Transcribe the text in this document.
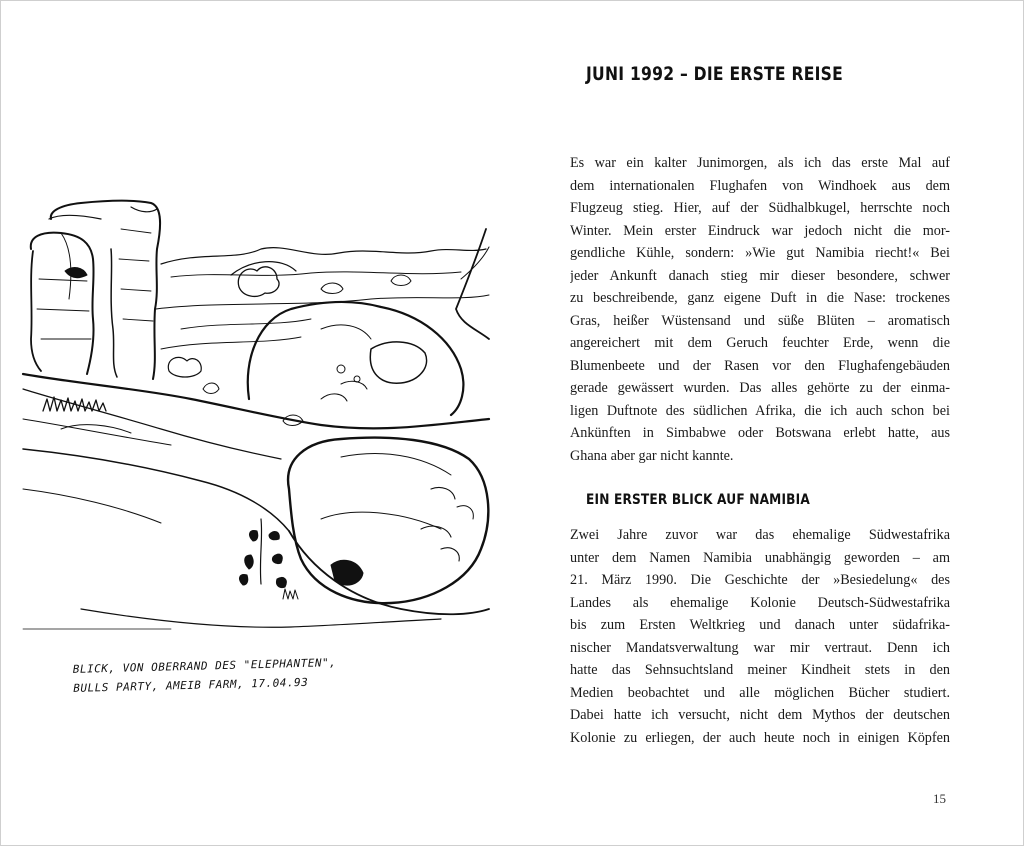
BLICK, VON OBERRAND DES "ELEPHANTEN",
BULLS PARTY, AMEIB FARM, 17.04.93
JUNI 1992 – DIE ERSTE REISE

Es war ein kalter Junimorgen, als ich das erste Mal auf
dem internationalen Flughafen von Windhoek aus dem
Flugzeug stieg. Hier, auf der Südhalbkugel, herrschte noch
Winter. Mein erster Eindruck war jedoch nicht die mor-
gendliche Kühle, sondern: »Wie gut Namibia riecht!« Bei
jeder Ankunft danach stieg mir dieser besondere, schwer
zu beschreibende, ganz eigene Duft in die Nase: trockenes
Gras, heißer Wüstensand und süße Blüten – aromatisch
angereichert mit dem Geruch feuchter Erde, wenn die
Blumenbeete und der Rasen vor den Flughafengebäuden
gerade gewässert wurden. Das alles gehörte zu der einma-
ligen Duftnote des südlichen Afrika, die ich auch schon bei
Ankünften in Simbabwe oder Botswana erlebt hatte, aus
Ghana aber gar nicht kannte.

EIN ERSTER BLICK AUF NAMIBIA

Zwei Jahre zuvor war das ehemalige Südwestafrika
unter dem Namen Namibia unabhängig geworden – am
21. März 1990. Die Geschichte der »Besiedelung« des
Landes als ehemalige Kolonie Deutsch-Südwestafrika
bis zum Ersten Weltkrieg und danach unter südafrika-
nischer Mandatsverwaltung war mir vertraut. Denn ich
hatte das Sehnsuchtsland meiner Kindheit stets in den
Medien beobachtet und alle möglichen Bücher studiert.
Dabei hatte ich versucht, nicht dem Mythos der deutschen
Kolonie zu erliegen, der auch heute noch in einigen Köpfen

15
